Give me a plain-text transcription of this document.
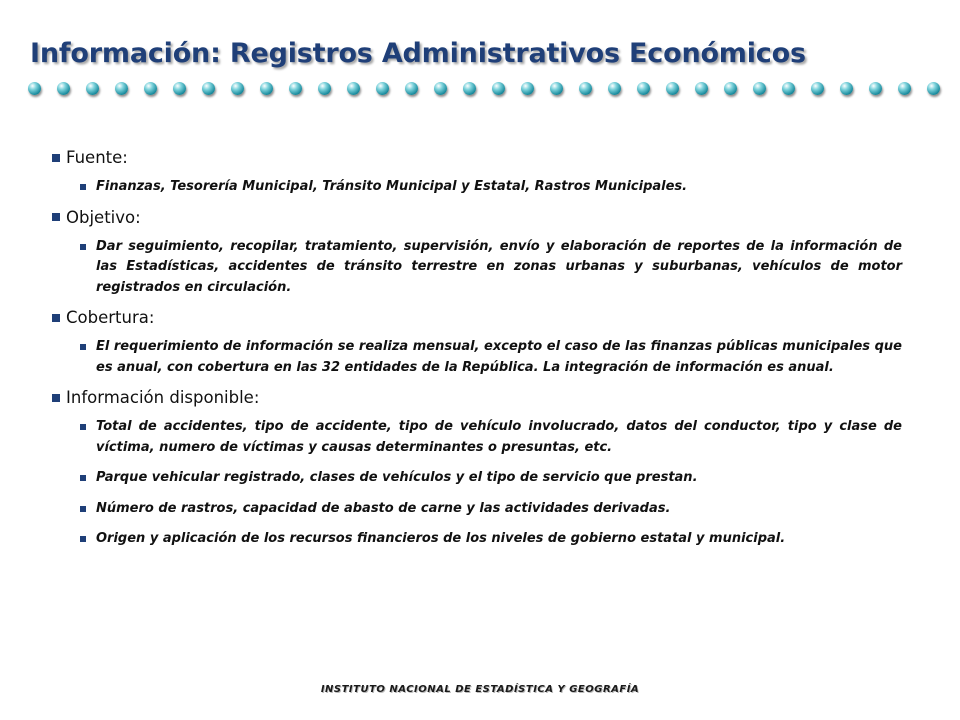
Información: Registros Administrativos Económicos
Fuente:
Finanzas, Tesorería Municipal, Tránsito Municipal y Estatal, Rastros Municipales.
Objetivo:
Dar seguimiento, recopilar, tratamiento, supervisión, envío y elaboración de reportes de la información de las Estadísticas, accidentes de tránsito terrestre en zonas urbanas y suburbanas, vehículos de motor registrados en circulación.
Cobertura:
El requerimiento de información se realiza mensual, excepto el caso de las finanzas públicas municipales que es anual, con cobertura en las 32 entidades de la República. La integración de información es anual.
Información disponible:
Total de accidentes, tipo de accidente, tipo de vehículo involucrado, datos del conductor, tipo y clase de víctima, numero de víctimas y causas determinantes o presuntas, etc.
Parque vehicular registrado, clases de vehículos y el tipo de servicio que prestan.
Número de rastros, capacidad de abasto de carne y las actividades derivadas.
Origen y aplicación de los recursos financieros de los niveles de gobierno estatal y municipal.
INSTITUTO NACIONAL DE ESTADÍSTICA Y GEOGRAFÍA
